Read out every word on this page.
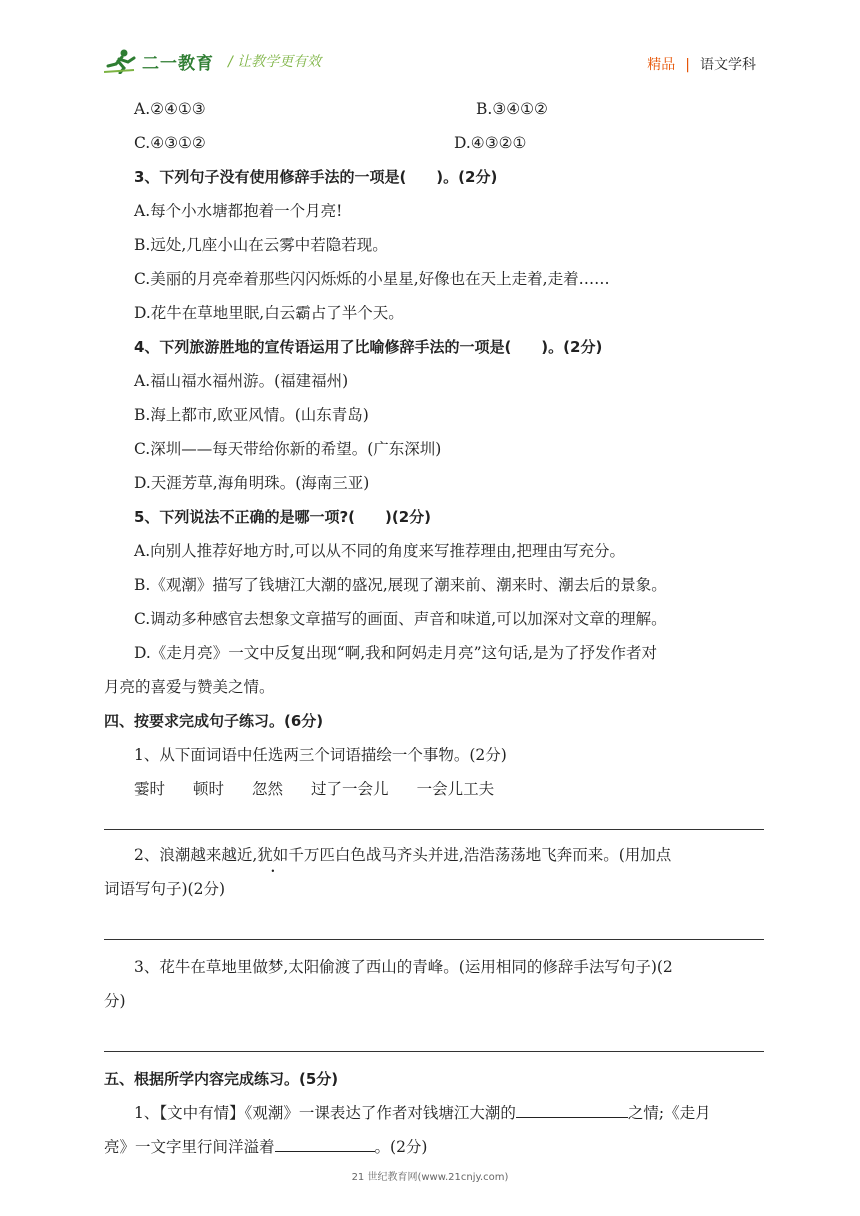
二一教育 / 让教学更有效	精品 | 语文学科
A.②④①③	B.③④①②
C.④③①②	D.④③②①
3、下列句子没有使用修辞手法的一项是(　　)。(2分)
A.每个小水塘都抱着一个月亮!
B.远处,几座小山在云雾中若隐若现。
C.美丽的月亮牵着那些闪闪烁烁的小星星,好像也在天上走着,走着……
D.花牛在草地里眠,白云霸占了半个天。
4、下列旅游胜地的宣传语运用了比喻修辞手法的一项是(　　)。(2分)
A.福山福水福州游。(福建福州)
B.海上都市,欧亚风情。(山东青岛)
C.深圳——每天带给你新的希望。(广东深圳)
D.天涯芳草,海角明珠。(海南三亚)
5、下列说法不正确的是哪一项?(　　)(2分)
A.向别人推荐好地方时,可以从不同的角度来写推荐理由,把理由写充分。
B.《观潮》描写了钱塘江大潮的盛况,展现了潮来前、潮来时、潮去后的景象。
C.调动多种感官去想象文章描写的画面、声音和味道,可以加深对文章的理解。
D.《走月亮》一文中反复出现“啊,我和阿妈走月亮”这句话,是为了抒发作者对
月亮的喜爱与赞美之情。
四、按要求完成句子练习。(6分)
1、从下面词语中任选两三个词语描绘一个事物。(2分)
霎时 顿时 忽然 过了一会儿 一会儿工夫
2、浪潮越来越近,犹如千万匹白色战马齐头并进,浩浩荡荡地飞奔而来。(用加点
词语写句子)(2分)
3、花牛在草地里做梦,太阳偷渡了西山的青峰。(运用相同的修辞手法写句子)(2
分)
五、根据所学内容完成练习。(5分)
1、【文中有情】《观潮》一课表达了作者对钱塘江大潮的	之情;《走月
亮》一文字里行间洋溢着	。(2分)
21 世纪教育网(www.21cnjy.com)
